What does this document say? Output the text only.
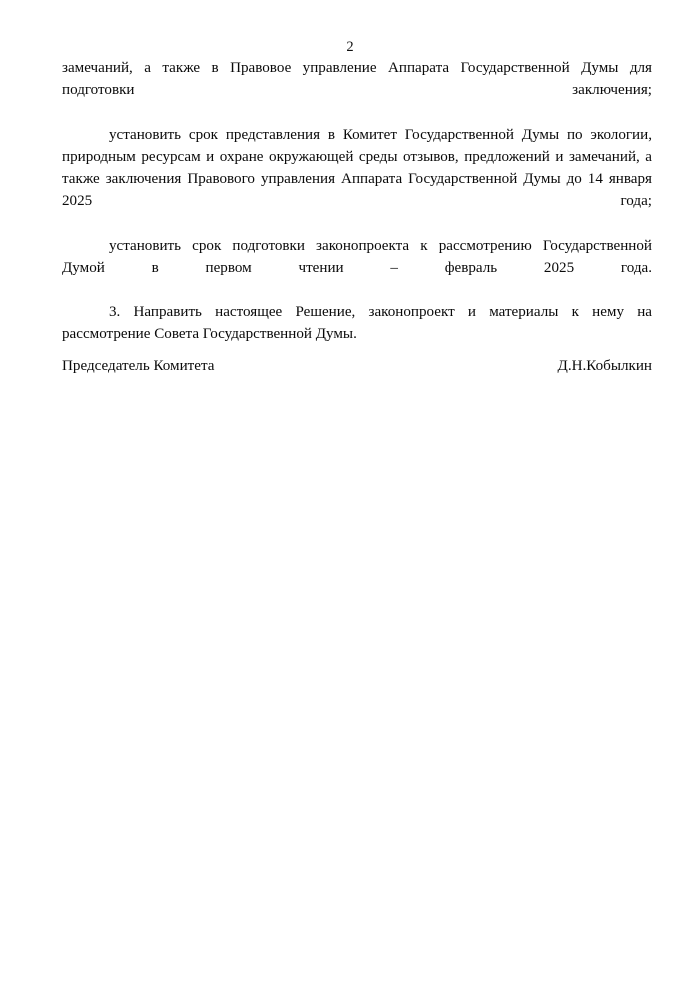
2

замечаний, а также в Правовое управление Аппарата Государственной Думы для подготовки заключения;

установить срок представления в Комитет Государственной Думы по экологии, природным ресурсам и охране окружающей среды отзывов, предложений и замечаний, а также заключения Правового управления Аппарата Государственной Думы до 14 января 2025 года;

установить срок подготовки законопроекта к рассмотрению Государственной Думой в первом чтении – февраль 2025 года.

3. Направить настоящее Решение, законопроект и материалы к нему на рассмотрение Совета Государственной Думы.

Председатель Комитета	Д.Н.Кобылкин
